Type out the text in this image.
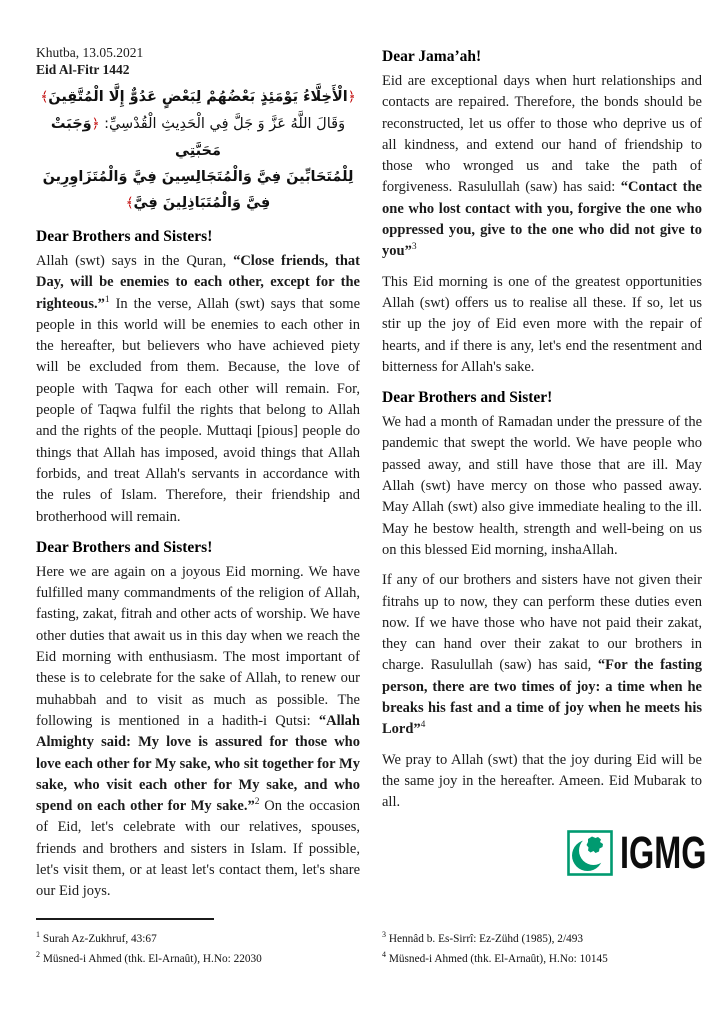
Khutba, 13.05.2021
Eid Al-Fitr 1442
﴿الْأَخِلَّاءُ يَوْمَئِذٍ بَعْضُهُمْ لِبَعْضٍ عَدُوٌّ إِلَّا الْمُتَّقِينَ﴾
وَقَالَ اللَّهُ عَزَّ وَ جَلَّ فِي الْحَدِيثِ الْقُدْسِيِّ: ﴿وَجَبَتْ مَحَبَّتِي
لِلْمُتَحَابِّينَ فِيَّ وَالْمُتَجَالِسِينَ فِيَّ وَالْمُتَزَاوِرِينَ فِيَّ وَالْمُتَبَاذِلِينَ فِيَّ﴾
Dear Brothers and Sisters!

Allah (swt) says in the Quran, “Close friends, that Day, will be enemies to each other, except for the righteous.”$^1$ In the verse, Allah (swt) says that some people in this world will be enemies to each other in the hereafter, but believers who have achieved piety will be excluded from them. Because, the love of people with Taqwa for each other will remain. For, people of Taqwa fulfil the rights that belong to Allah and the rights of the people. Muttaqi [pious] people do things that Allah has imposed, avoid things that Allah forbids, and treat Allah's servants in accordance with the rules of Islam. Therefore, their friendship and brotherhood will remain.

Dear Brothers and Sisters!

Here we are again on a joyous Eid morning. We have fulfilled many commandments of the religion of Allah, fasting, zakat, fitrah and other acts of worship. We have other duties that await us in this day when we reach the Eid morning with enthusiasm. The most important of these is to celebrate for the sake of Allah, to renew our muhabbah and to visit as much as possible. The following is mentioned in a hadith-i Qutsi: “Allah Almighty said: My love is assured for those who love each other for My sake, who sit together for My sake, who visit each other for My sake, and who spend on each other for My sake.”$^2$ On the occasion of Eid, let's celebrate with our relatives, spouses, friends and brothers and sisters in Islam. If possible, let's visit them, or at least let's contact them, let's share our Eid joys.

Dear Jama’ah!

Eid are exceptional days when hurt relationships and contacts are repaired. Therefore, the bonds should be reconstructed, let us offer to those who deprive us of all kindness, and extend our hand of friendship to those who wronged us and take the path of forgiveness. Rasulullah (saw) has said: “Contact the one who lost contact with you, forgive the one who oppressed you, give to the one who did not give to you”$^3$

This Eid morning is one of the greatest opportunities Allah (swt) offers us to realise all these. If so, let us stir up the joy of Eid even more with the repair of hearts, and if there is any, let's end the resentment and bitterness for Allah's sake.

Dear Brothers and Sister!

We had a month of Ramadan under the pressure of the pandemic that swept the world. We have people who passed away, and still have those that are ill. May Allah (swt) have mercy on those who passed away. May Allah (swt) also give immediate healing to the ill. May he bestow health, strength and well-being on us on this blessed Eid morning, inshaAllah.

If any of our brothers and sisters have not given their fitrahs up to now, they can perform these duties even now. If we have those who have not paid their zakat, they can hand over their zakat to our brothers in charge. Rasulullah (saw) has said, “For the fasting person, there are two times of joy: a time when he breaks his fast and a time of joy when he meets his Lord”$^4$

We pray to Allah (swt) that the joy during Eid will be the same joy in the hereafter. Ameen. Eid Mubarak to all.

IGMG
$^1$ Surah Az-Zukhruf, 43:67
$^2$ Müsned-i Ahmed (thk. El-Arnaût), H.No: 22030
$^3$ Hennâd b. Es-Sirrî: Ez-Zühd (1985), 2/493
$^4$ Müsned-i Ahmed (thk. El-Arnaût), H.No: 10145
